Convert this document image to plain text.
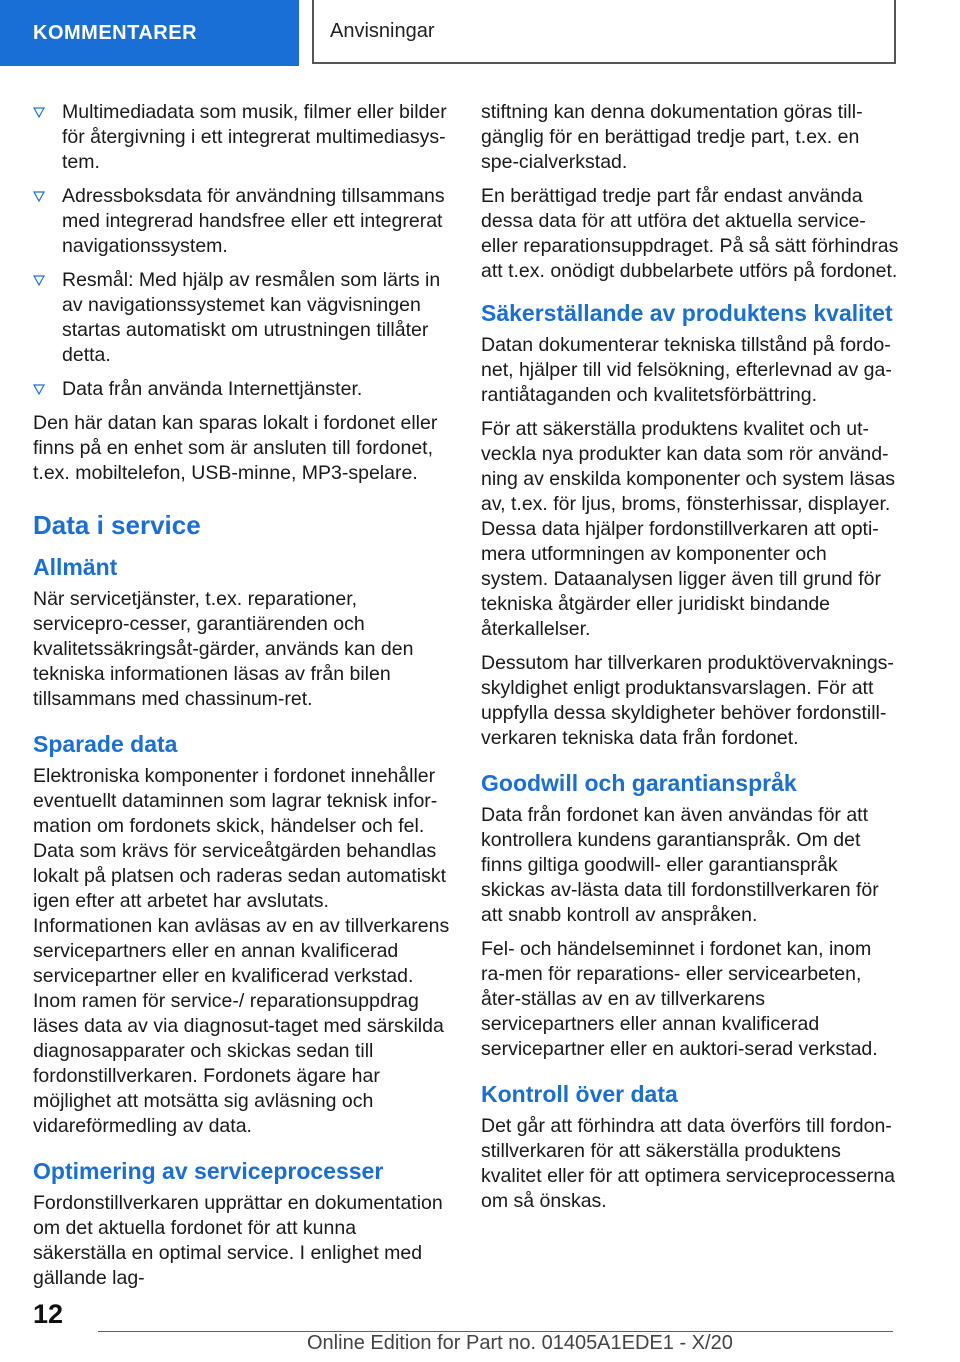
KOMMENTARER	Anvisningar
Multimediadata som musik, filmer eller bilder för återgivning i ett integrerat multimediasys-tem.
Adressboksdata för användning tillsammans med integrerad handsfree eller ett integrerat navigationssystem.
Resmål: Med hjälp av resmålen som lärts in av navigationssystemet kan vägvisningen startas automatiskt om utrustningen tillåter detta.
Data från använda Internettjänster.

Den här datan kan sparas lokalt i fordonet eller finns på en enhet som är ansluten till fordonet, t.ex. mobiltelefon, USB-minne, MP3-spelare.

Data i service
Allmänt

När servicetjänster, t.ex. reparationer, servicepro-cesser, garantiärenden och kvalitetssäkringsåt-gärder, används kan den tekniska informationen läsas av från bilen tillsammans med chassinum-ret.

Sparade data

Elektroniska komponenter i fordonet innehåller eventuellt dataminnen som lagrar teknisk infor-mation om fordonets skick, händelser och fel. Data som krävs för serviceåtgärden behandlas lokalt på platsen och raderas sedan automatiskt igen efter att arbetet har avslutats. Informationen kan avläsas av en av tillverkarens servicepartners eller en annan kvalificerad servicepartner eller en kvalificerad verkstad. Inom ramen för service-/ reparationsuppdrag läses data av via diagnosut-taget med särskilda diagnosapparater och skickas sedan till fordonstillverkaren. Fordonets ägare har möjlighet att motsätta sig avläsning och vidareförmedling av data.

Optimering av serviceprocesser

Fordonstillverkaren upprättar en dokumentation om det aktuella fordonet för att kunna säkerställa en optimal service. I enlighet med gällande lag-

stiftning kan denna dokumentation göras till-gänglig för en berättigad tredje part, t.ex. en spe-cialverkstad.

En berättigad tredje part får endast använda dessa data för att utföra det aktuella service- eller reparationsuppdraget. På så sätt förhindras att t.ex. onödigt dubbelarbete utförs på fordonet.

Säkerställande av produktens kvalitet

Datan dokumenterar tekniska tillstånd på fordo-net, hjälper till vid felsökning, efterlevnad av ga-rantiåtaganden och kvalitetsförbättring.

För att säkerställa produktens kvalitet och ut-veckla nya produkter kan data som rör använd-ning av enskilda komponenter och system läsas av, t.ex. för ljus, broms, fönsterhissar, displayer. Dessa data hjälper fordonstillverkaren att opti-mera utformningen av komponenter och system. Dataanalysen ligger även till grund för tekniska åtgärder eller juridiskt bindande återkallelser.

Dessutom har tillverkaren produktövervaknings-skyldighet enligt produktansvarslagen. För att uppfylla dessa skyldigheter behöver fordonstill-verkaren tekniska data från fordonet.

Goodwill och garantianspråk

Data från fordonet kan även användas för att kontrollera kundens garantianspråk. Om det finns giltiga goodwill- eller garantianspråk skickas av-lästa data till fordonstillverkaren för att snabb kontroll av anspråken.

Fel- och händelseminnet i fordonet kan, inom ra-men för reparations- eller servicearbeten, åter-ställas av en av tillverkarens servicepartners eller annan kvalificerad servicepartner eller en auktori-serad verkstad.

Kontroll över data

Det går att förhindra att data överförs till fordon-stillverkaren för att säkerställa produktens kvalitet eller för att optimera serviceprocesserna om så önskas.

12
Online Edition for Part no. 01405A1EDE1 - X/20
